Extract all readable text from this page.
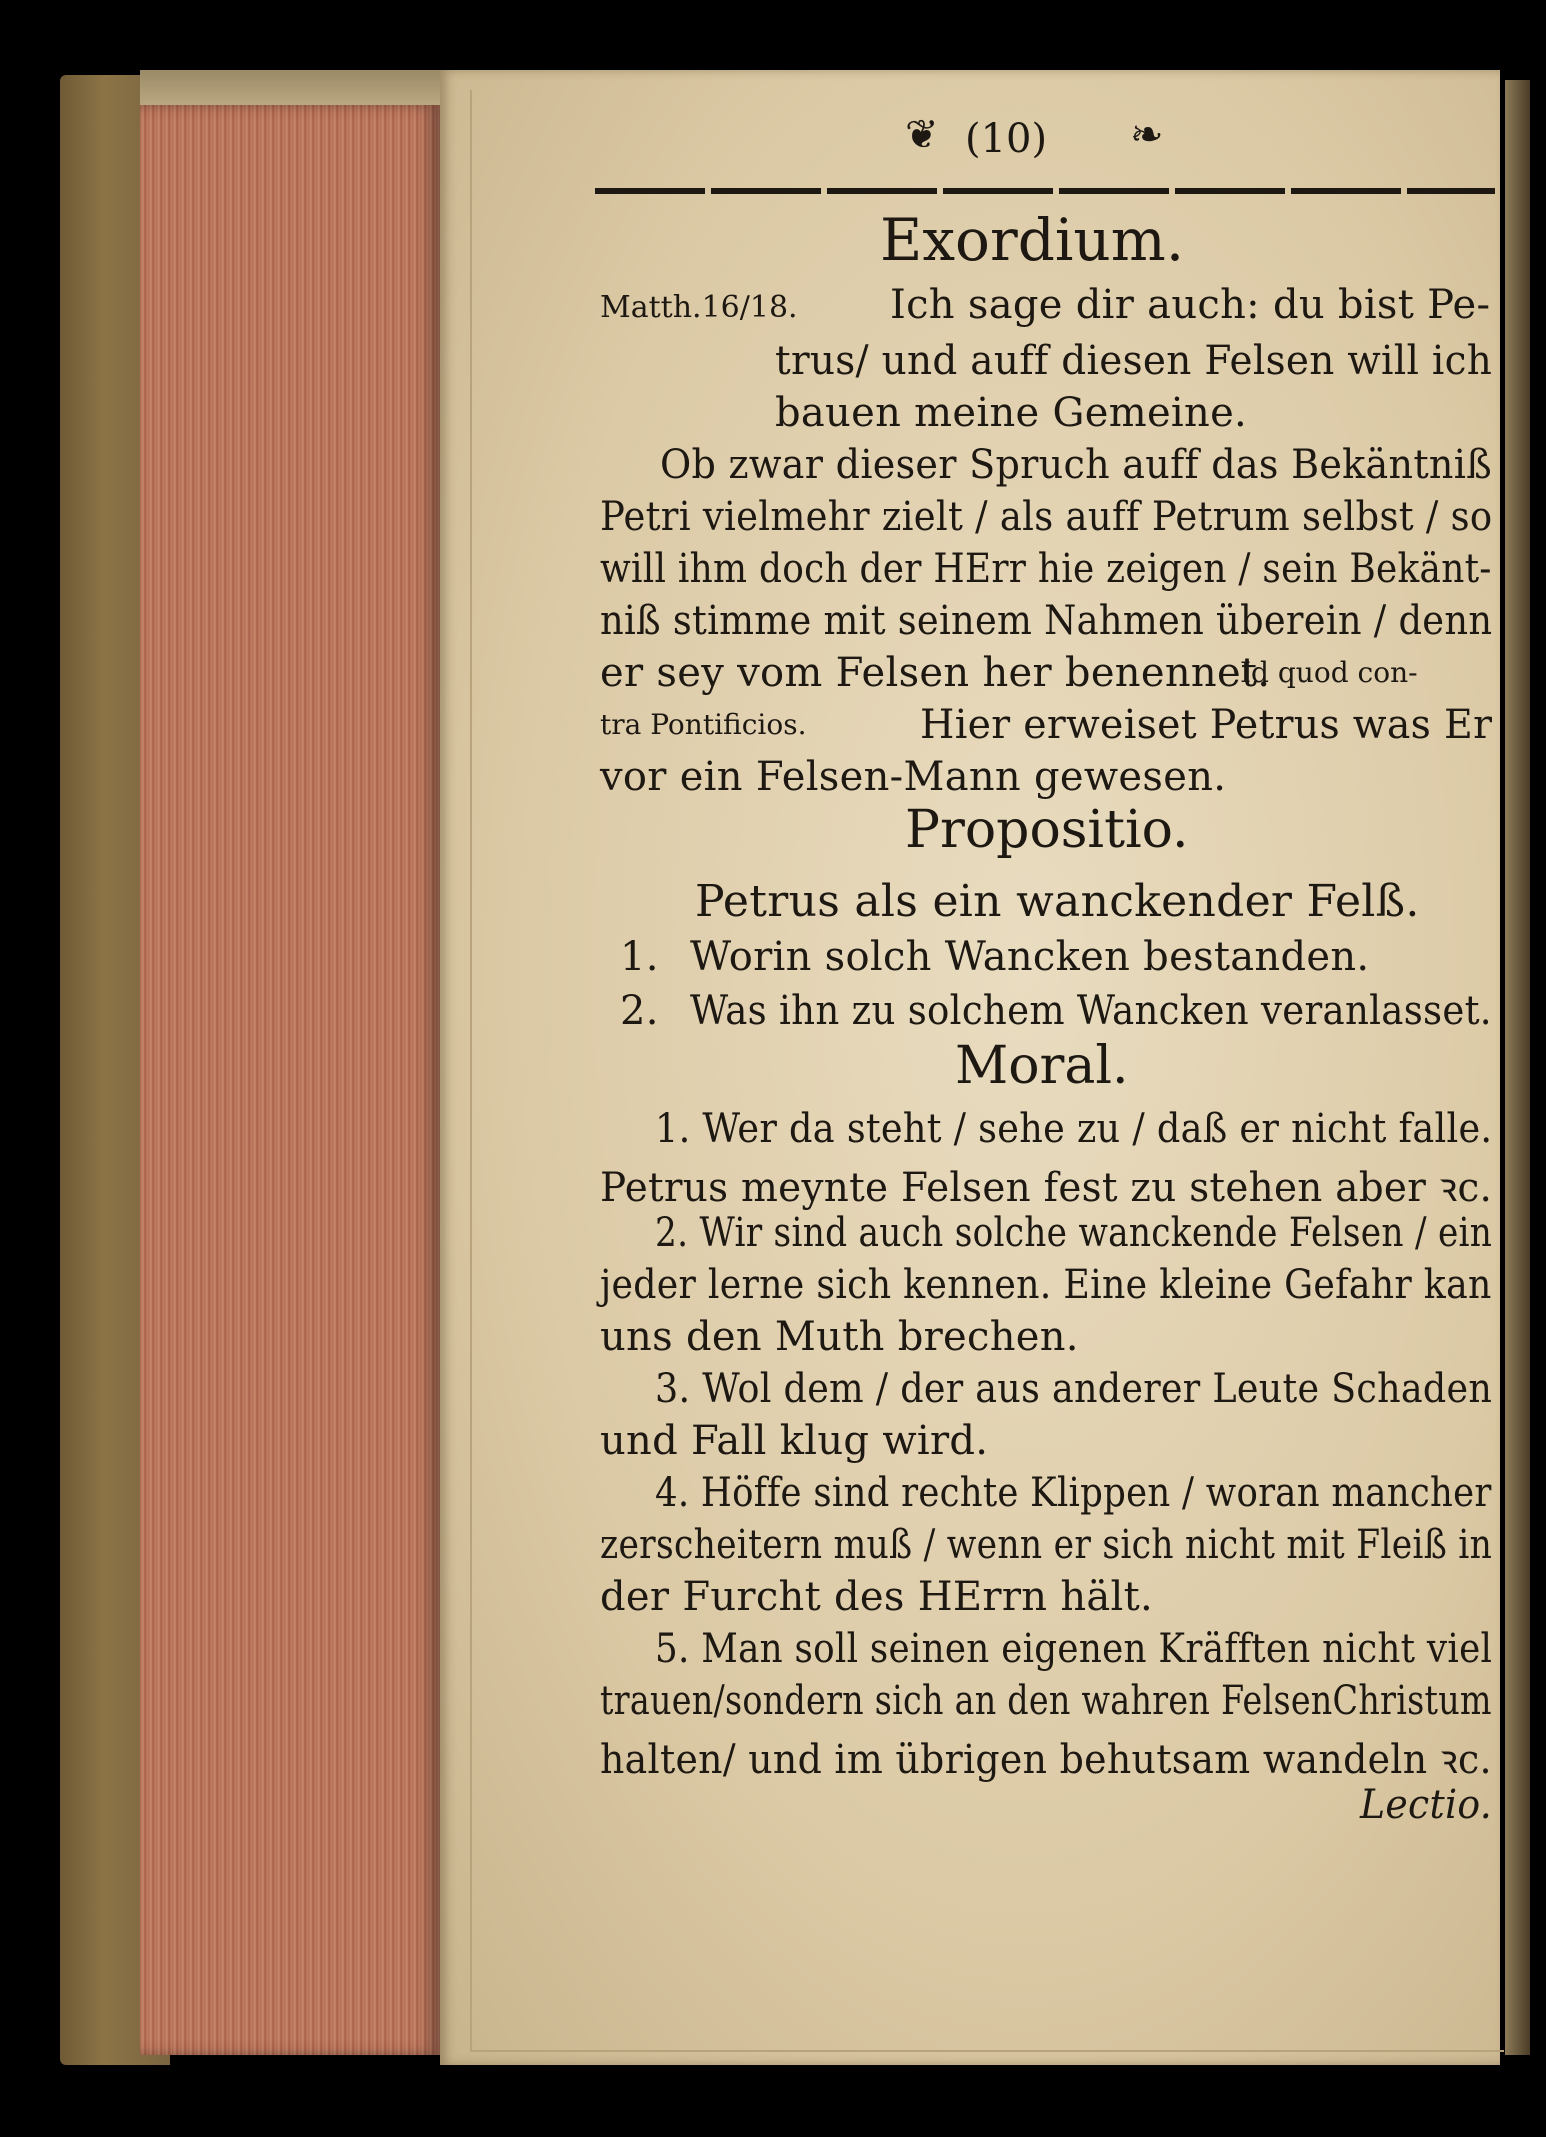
❦ (10) ❧
Exordium.
Matth.16/18. Ich sage dir auch: du bist Pe-
trus/ und auff diesen Felsen will ich
bauen meine Gemeine.
Ob zwar dieser Spruch auff das Bekäntniß
Petri vielmehr zielt / als auff Petrum selbst / so
will ihm doch der HErr hie zeigen / sein Bekänt-
niß stimme mit seinem Nahmen überein / denn
er sey vom Felsen her benennet.
Id quod con-
tra Pontificios.	Hier erweiset Petrus was Er
vor ein Felsen-Mann gewesen.
Propositio.
Petrus als ein wanckender Felß.
1. Worin solch Wancken bestanden.
2. Was ihn zu solchem Wancken veranlasset.
Moral.
1. Wer da steht / sehe zu / daß er nicht falle.
Petrus meynte Felsen fest zu stehen aber ꝛc.
2. Wir sind auch solche wanckende Felsen / ein
jeder lerne sich kennen. Eine kleine Gefahr kan
uns den Muth brechen.
3. Wol dem / der aus anderer Leute Schaden
und Fall klug wird.
4. Höffe sind rechte Klippen / woran mancher
zerscheitern muß / wenn er sich nicht mit Fleiß in
der Furcht des HErrn hält.
5. Man soll seinen eigenen Kräfften nicht viel
trauen/sondern sich an den wahren FelsenChristum
halten/ und im übrigen behutsam wandeln ꝛc.
Lectio.
